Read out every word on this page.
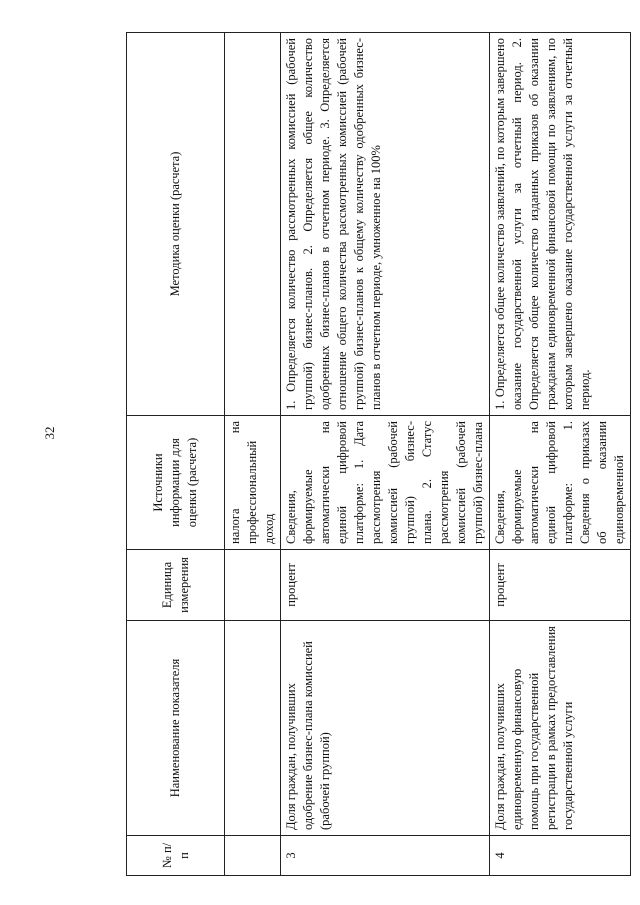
32
№ п/п	Наименование показателя	Единица измерения	Источники информации для оценки (расчета)	Методика оценки (расчета)
			налога на профессиональный доход	
3	Доля граждан, получивших одобрение бизнес-плана комиссией (рабочей группой)	процент	Сведения, формируемые автоматически на единой цифровой платформе: 1. Дата рассмотрения комиссией (рабочей группой) бизнес-плана. 2. Статус рассмотрения комиссией (рабочей группой) бизнес-плана	1. Определяется количество рассмотренных комиссией (рабочей группой) бизнес-планов. 2. Определяется общее количество одобренных бизнес-планов в отчетном периоде. 3. Определяется отношение общего количества рассмотренных комиссией (рабочей группой) бизнес-планов к общему количеству одобренных бизнес-планов в отчетном периоде, умноженное на 100%
4	Доля граждан, получивших единовременную финансовую помощь при государственной регистрации в рамках предоставления государственной услуги	процент	Сведения, формируемые автоматически на единой цифровой платформе: 1. Сведения о приказах об оказании единовременной	1. Определяется общее количество заявлений, по которым завершено оказание государственной услуги за отчетный период. 2. Определяется общее количество изданных приказов об оказании гражданам единовременной финансовой помощи по заявлениям, по которым завершено оказание государственной услуги за отчетный период.
